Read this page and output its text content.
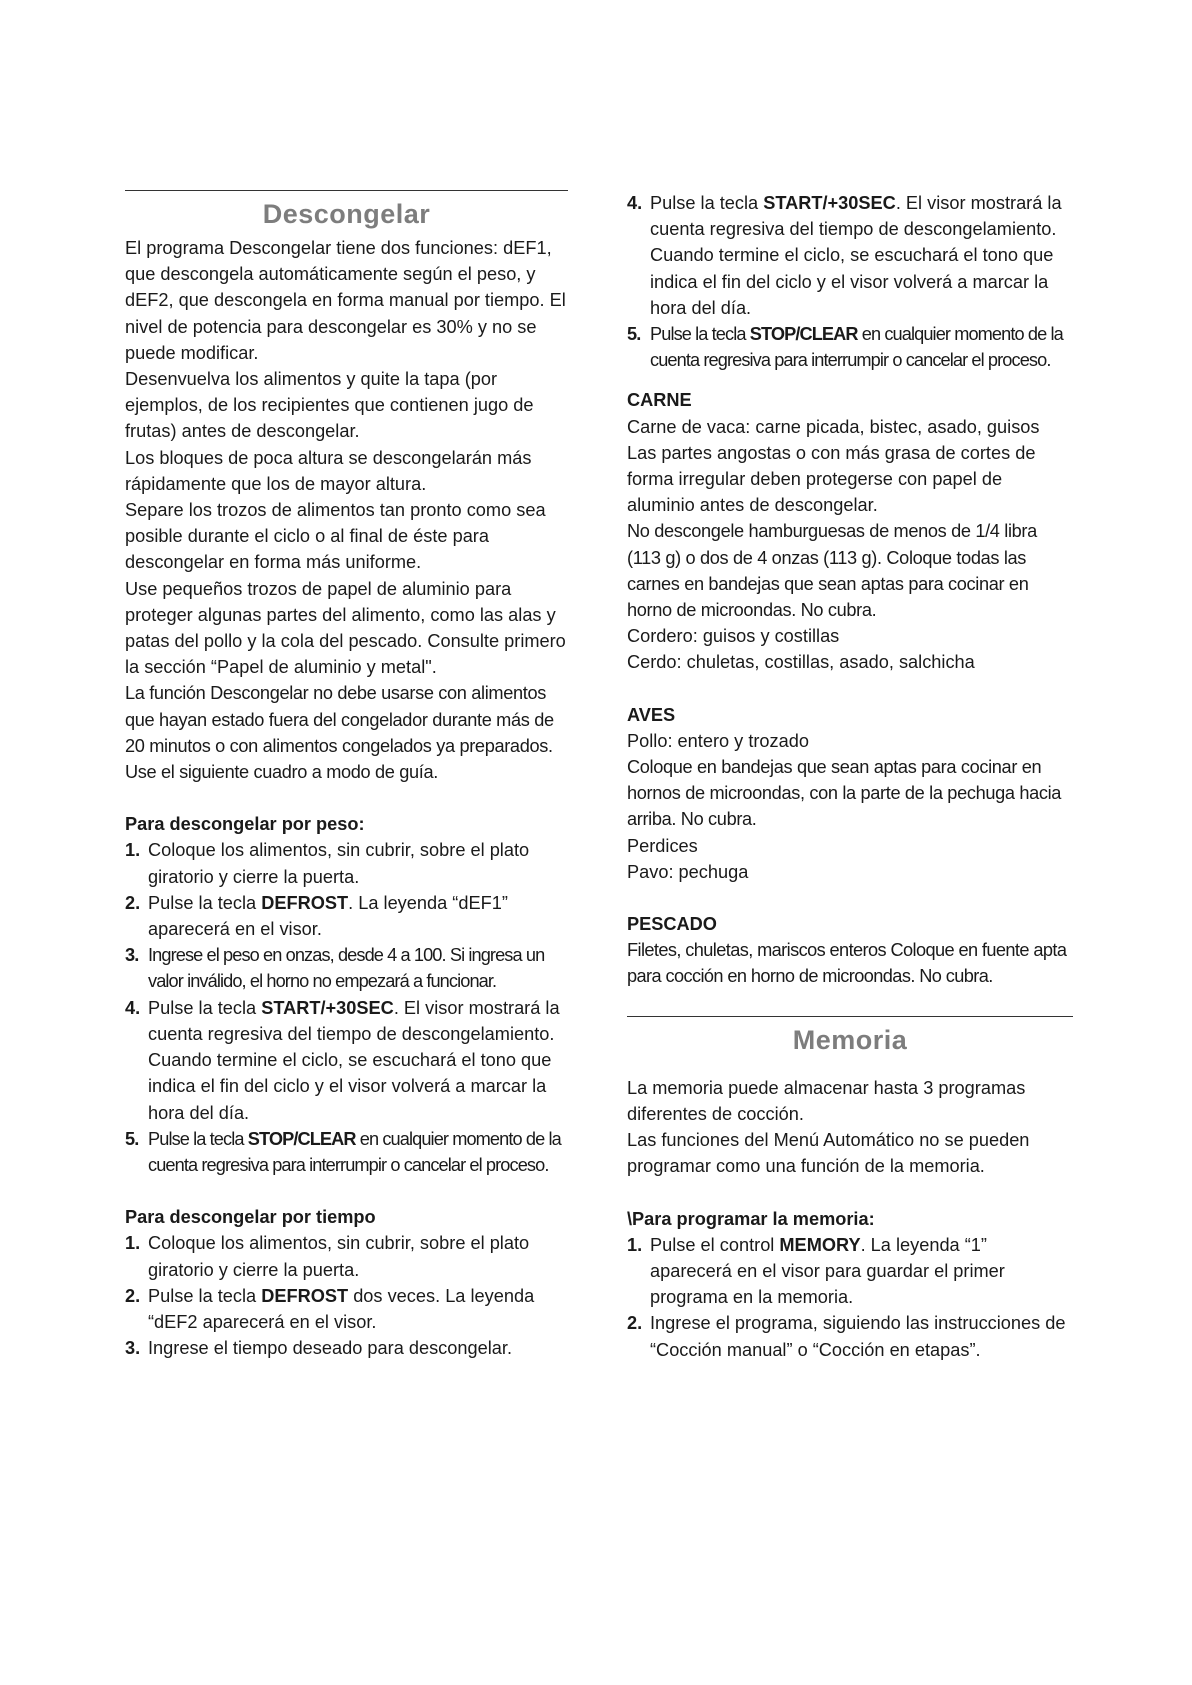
Descongelar

El programa Descongelar tiene dos funciones: dEF1, que descongela automáticamente según el peso, y dEF2, que descongela en forma manual por tiempo. El nivel de potencia para descongelar es 30% y no se puede modificar.

Desenvuelva los alimentos y quite la tapa (por ejemplos, de los recipientes que contienen jugo de frutas) antes de descongelar.

Los bloques de poca altura se descongelarán más rápidamente que los de mayor altura.

Separe los trozos de alimentos tan pronto como sea posible durante el ciclo o al final de éste para descongelar en forma más uniforme.

Use pequeños trozos de papel de aluminio para proteger algunas partes del alimento, como las alas y patas del pollo y la cola del pescado. Consulte primero la sección “Papel de aluminio y metal".

La función Descongelar no debe usarse con alimentos que hayan estado fuera del congelador durante más de 20 minutos o con alimentos congelados ya preparados. Use el siguiente cuadro a modo de guía.

Para descongelar por peso:

1. Coloque los alimentos, sin cubrir, sobre el plato giratorio y cierre la puerta.
2. Pulse la tecla DEFROST. La leyenda “dEF1” aparecerá en el visor.
3. Ingrese el peso en onzas, desde 4 a 100. Si ingresa un valor inválido, el horno no empezará a funcionar.
4. Pulse la tecla START/+30SEC. El visor mostrará la cuenta regresiva del tiempo de descongelamiento. Cuando termine el ciclo, se escuchará el tono que indica el fin del ciclo y el visor volverá a marcar la hora del día.
5. Pulse la tecla STOP/CLEAR en cualquier momento de la cuenta regresiva para interrumpir o cancelar el proceso.

Para descongelar por tiempo

1. Coloque los alimentos, sin cubrir, sobre el plato giratorio y cierre la puerta.
2. Pulse la tecla DEFROST dos veces. La leyenda “dEF2 aparecerá en el visor.
3. Ingrese el tiempo deseado para descongelar.
4. Pulse la tecla START/+30SEC. El visor mostrará la cuenta regresiva del tiempo de descongelamiento. Cuando termine el ciclo, se escuchará el tono que indica el fin del ciclo y el visor volverá a marcar la hora del día.
5. Pulse la tecla STOP/CLEAR en cualquier momento de la cuenta regresiva para interrumpir o cancelar el proceso.

CARNE

Carne de vaca: carne picada, bistec, asado, guisos

Las partes angostas o con más grasa de cortes de forma irregular deben protegerse con papel de aluminio antes de descongelar.

No descongele hamburguesas de menos de 1/4 libra (113 g) o dos de 4 onzas (113 g). Coloque todas las carnes en bandejas que sean aptas para cocinar en horno de microondas. No cubra.

Cordero: guisos y costillas

Cerdo: chuletas, costillas, asado, salchicha

AVES

Pollo: entero y trozado

Coloque en bandejas que sean aptas para cocinar en hornos de microondas, con la parte de la pechuga hacia arriba. No cubra.

Perdices

Pavo: pechuga

PESCADO

Filetes, chuletas, mariscos enteros Coloque en fuente apta para cocción en horno de microondas. No cubra.

Memoria

La memoria puede almacenar hasta 3 programas diferentes de cocción.

Las funciones del Menú Automático no se pueden programar como una función de la memoria.

\Para programar la memoria:

1. Pulse el control MEMORY. La leyenda “1” aparecerá en el visor para guardar el primer programa en la memoria.
2. Ingrese el programa, siguiendo las instrucciones de “Cocción manual” o “Cocción en etapas”.
